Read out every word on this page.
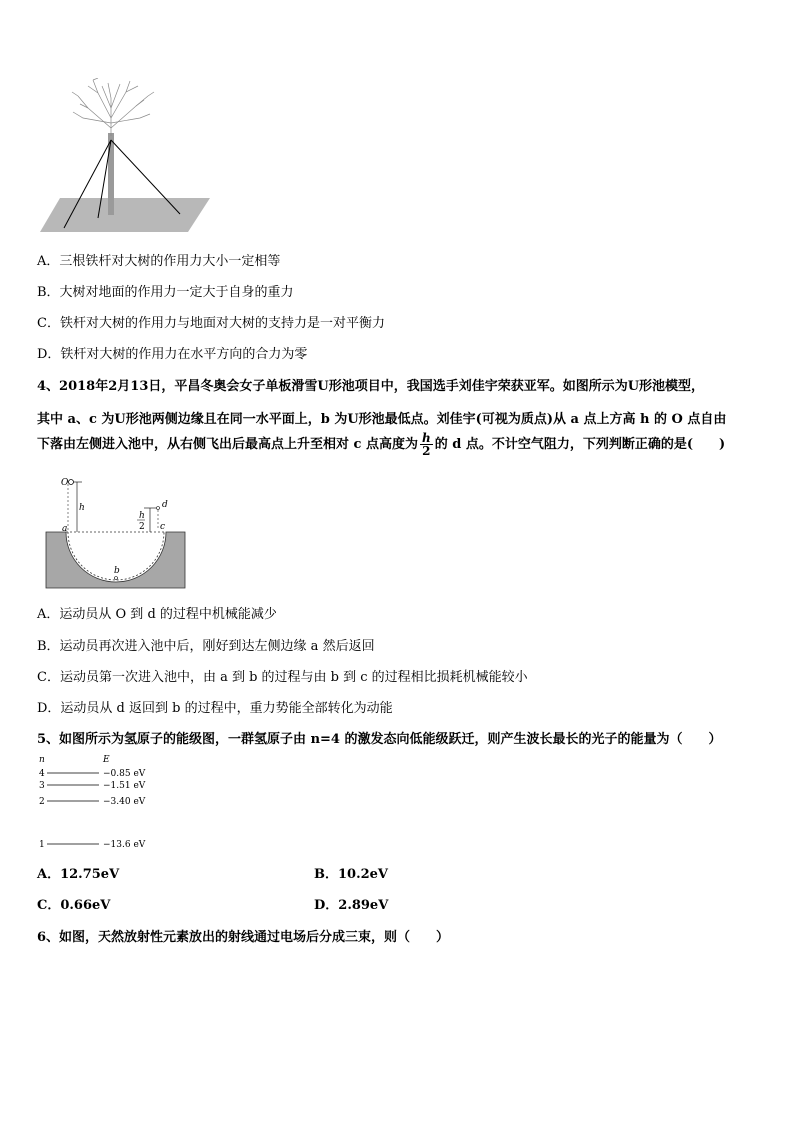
A．三根铁杆对大树的作用力大小一定相等
B．大树对地面的作用力一定大于自身的重力
C．铁杆对大树的作用力与地面对大树的支持力是一对平衡力
D．铁杆对大树的作用力在水平方向的合力为零
4、2018年2月13日，平昌冬奥会女子单板滑雪U形池项目中，我国选手刘佳宇荣获亚军。如图所示为U形池模型，
其中 a、c 为U形池两侧边缘且在同一水平面上，b 为U形池最低点。刘佳宇(可视为质点)从 a 点上方高 h 的 O 点自由
下落由左侧进入池中，从右侧飞出后最高点上升至相对 c 点高度为 $\frac{h}{2}$ 的 d 点。不计空气阻力，下列判断正确的是(　　)
O
h
a
d
h
2 c
b
A．运动员从 O 到 d 的过程中机械能减少
B．运动员再次进入池中后，刚好到达左侧边缘 a 然后返回
C．运动员第一次进入池中，由 a 到 b 的过程与由 b 到 c 的过程相比损耗机械能较小
D．运动员从 d 返回到 b 的过程中，重力势能全部转化为动能
5、如图所示为氢原子的能级图，一群氢原子由 n=4 的激发态向低能级跃迁，则产生波长最长的光子的能量为（　　）
n	E
4	−0.85 eV
3	−1.51 eV
2	−3.40 eV
1	−13.6 eV
A．12.75eV	B．10.2eV
C．0.66eV	D．2.89eV
6、如图，天然放射性元素放出的射线通过电场后分成三束，则（　　）
